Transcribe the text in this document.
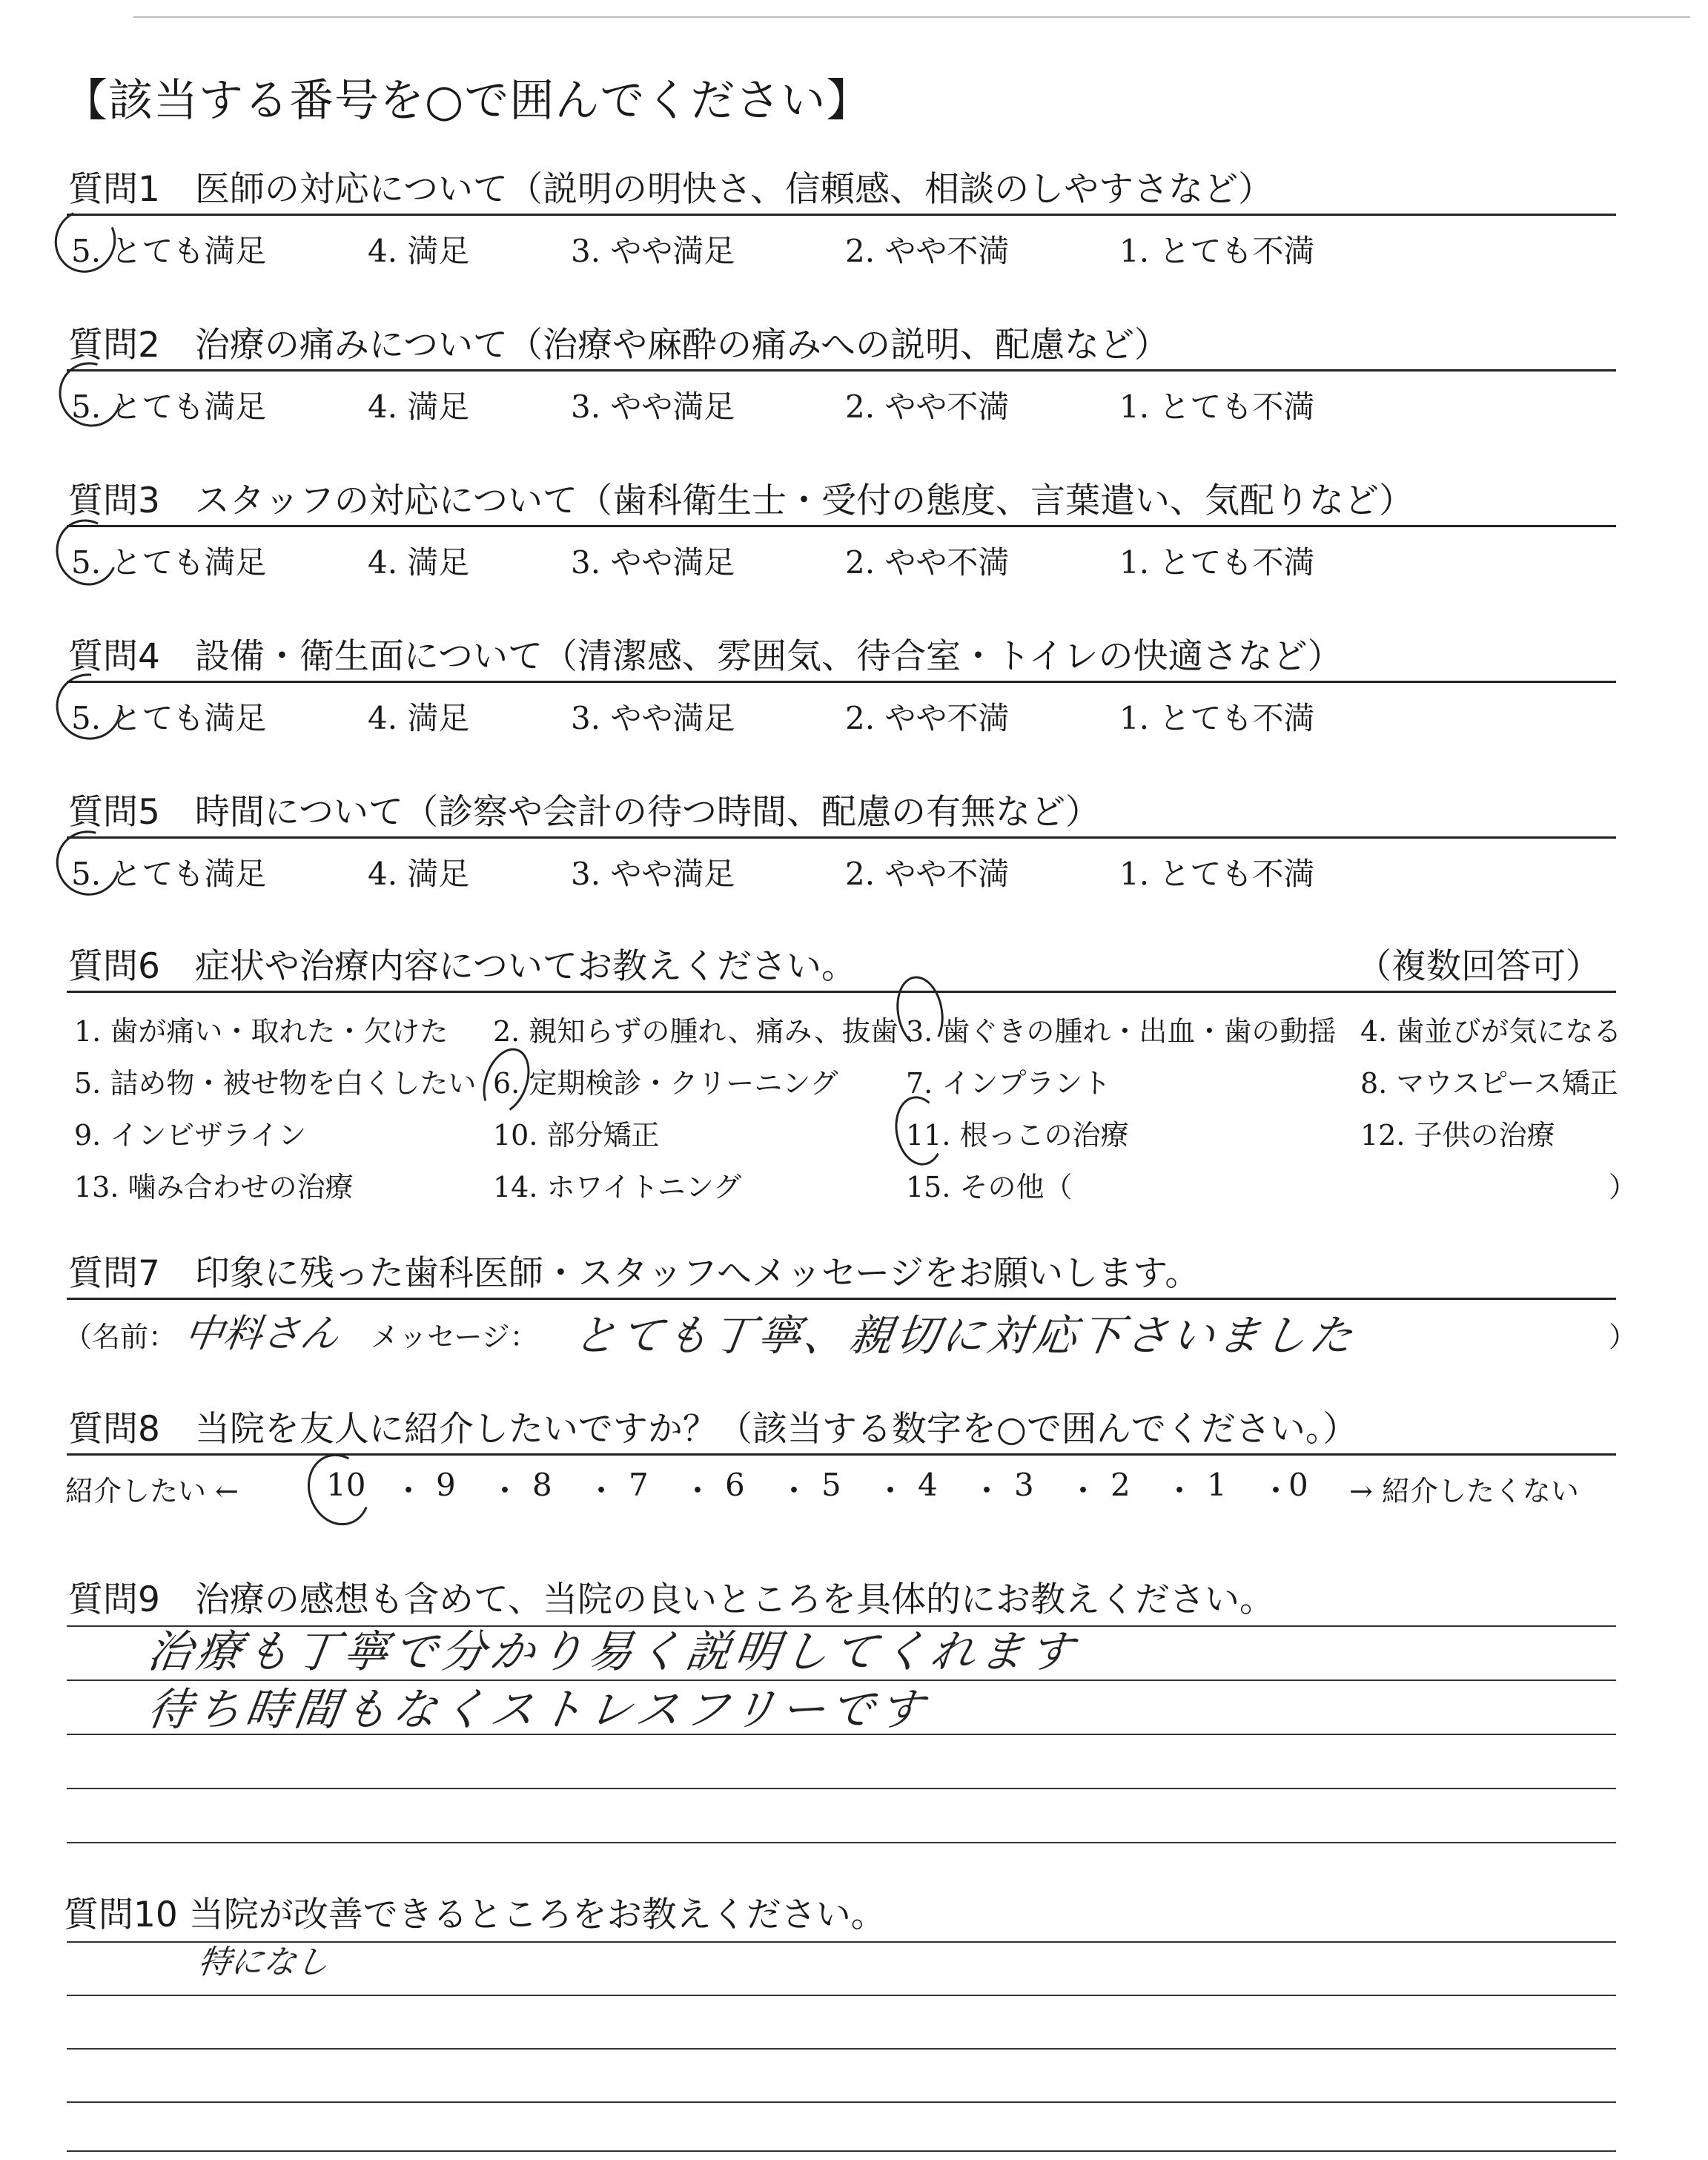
【該当する番号を○で囲んでください】
質問1　医師の対応について（説明の明快さ、信頼感、相談のしやすさなど）
5. とても満足	4. 満足	3. やや満足	2. やや不満	1. とても不満
質問2　治療の痛みについて（治療や麻酔の痛みへの説明、配慮など）
5. とても満足	4. 満足	3. やや満足	2. やや不満	1. とても不満
質問3　スタッフの対応について（歯科衛生士・受付の態度、言葉遣い、気配りなど）
5. とても満足	4. 満足	3. やや満足	2. やや不満	1. とても不満
質問4　設備・衛生面について（清潔感、雰囲気、待合室・トイレの快適さなど）
5. とても満足	4. 満足	3. やや満足	2. やや不満	1. とても不満
質問5　時間について（診察や会計の待つ時間、配慮の有無など）
5. とても満足	4. 満足	3. やや満足	2. やや不満	1. とても不満
質問6　症状や治療内容についてお教えください。	（複数回答可）
1. 歯が痛い・取れた・欠けた 2. 親知らずの腫れ、痛み、抜歯 3. 歯ぐきの腫れ・出血・歯の動揺 4. 歯並びが気になる
5. 詰め物・被せ物を白くしたい 6. 定期検診・クリーニング 7. インプラント	8. マウスピース矯正
9. インビザライン	10. 部分矯正	11. 根っこの治療	12. 子供の治療
13. 噛み合わせの治療	14. ホワイトニング	15. その他（	）
質問7　印象に残った歯科医師・スタッフへメッセージをお願いします。
（名前： 中料さん メッセージ： とても丁寧、親切に対応下さいました	）
質問8　当院を友人に紹介したいですか？（該当する数字を○で囲んでください。）
紹介したい ←	10 ・ 9 ・ 8 ・ 7 ・ 6 ・ 5 ・ 4 ・ 3 ・ 2 ・ 1 ・
0 → 紹介したくない
質問9　治療の感想も含めて、当院の良いところを具体的にお教えください。
治療も丁寧で分かり易く説明してくれます
待ち時間もなくストレスフリーです
質問10 当院が改善できるところをお教えください。
特になし
